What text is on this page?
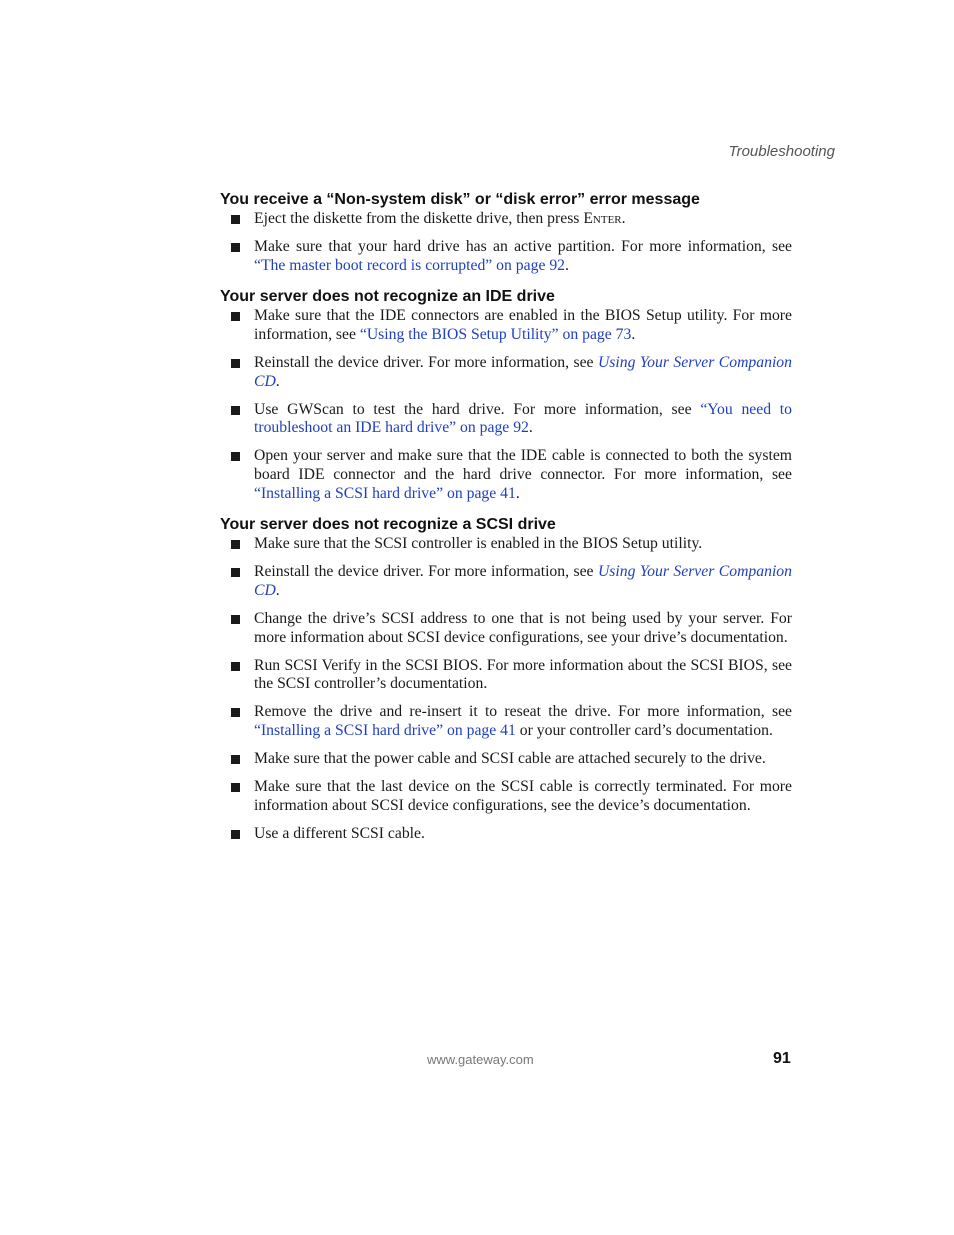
Troubleshooting
You receive a “Non-system disk” or “disk error” error message
Eject the diskette from the diskette drive, then press Enter.
Make sure that your hard drive has an active partition. For more information, see “The master boot record is corrupted” on page 92.
Your server does not recognize an IDE drive
Make sure that the IDE connectors are enabled in the BIOS Setup utility. For more information, see “Using the BIOS Setup Utility” on page 73.
Reinstall the device driver. For more information, see Using Your Server Companion CD.
Use GWScan to test the hard drive. For more information, see “You need to troubleshoot an IDE hard drive” on page 92.
Open your server and make sure that the IDE cable is connected to both the system board IDE connector and the hard drive connector. For more information, see “Installing a SCSI hard drive” on page 41.
Your server does not recognize a SCSI drive
Make sure that the SCSI controller is enabled in the BIOS Setup utility.
Reinstall the device driver. For more information, see Using Your Server Companion CD.
Change the drive’s SCSI address to one that is not being used by your server. For more information about SCSI device configurations, see your drive’s documentation.
Run SCSI Verify in the SCSI BIOS. For more information about the SCSI BIOS, see the SCSI controller’s documentation.
Remove the drive and re-insert it to reseat the drive. For more information, see “Installing a SCSI hard drive” on page 41 or your controller card’s documentation.
Make sure that the power cable and SCSI cable are attached securely to the drive.
Make sure that the last device on the SCSI cable is correctly terminated. For more information about SCSI device configurations, see the device’s documentation.
Use a different SCSI cable.
www.gateway.com	91
